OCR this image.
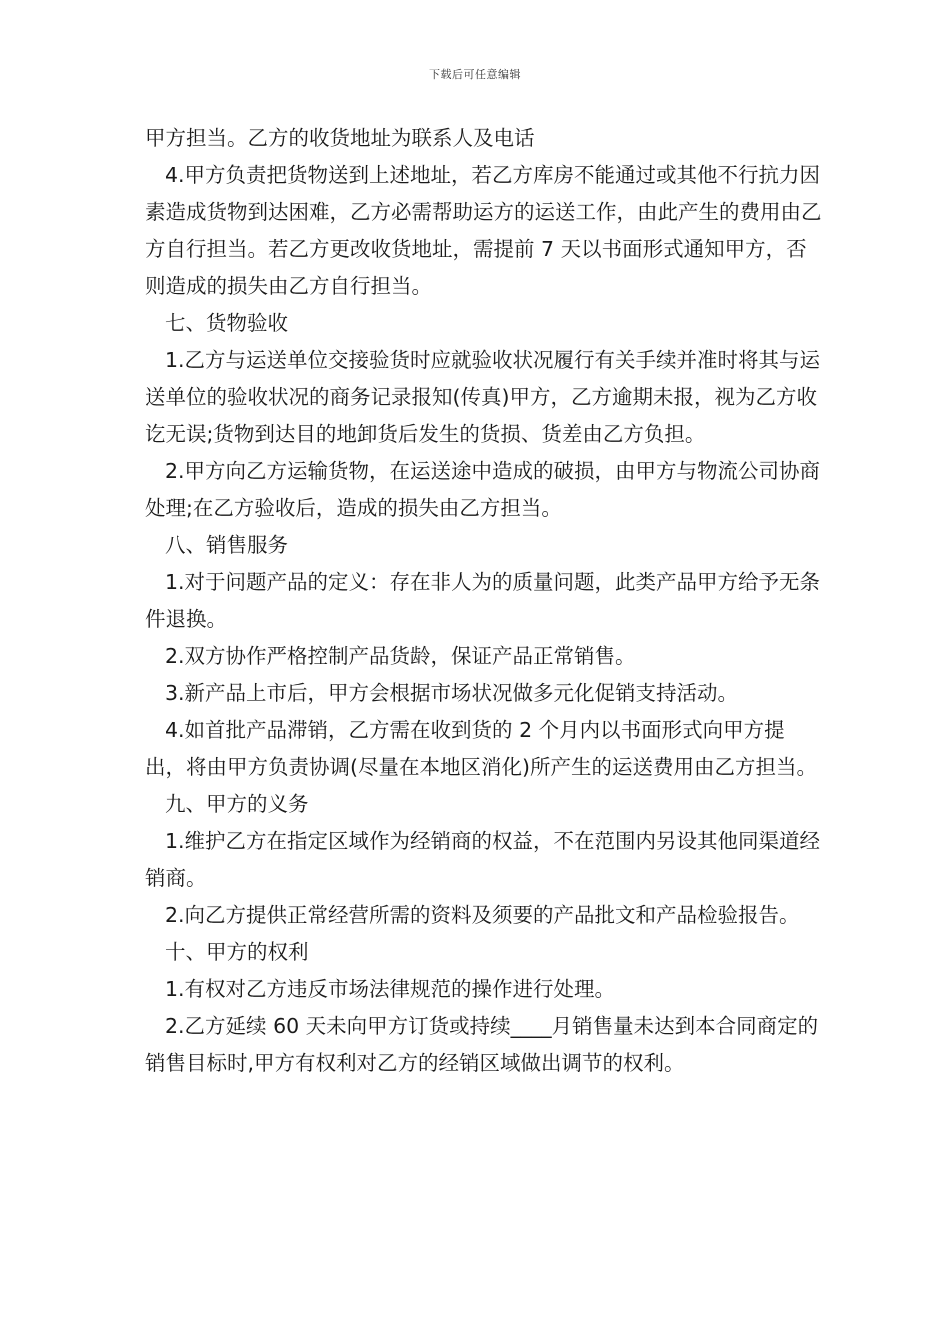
下载后可任意编辑

甲方担当。乙方的收货地址为联系人及电话

4.甲方负责把货物送到上述地址，若乙方库房不能通过或其他不行抗力因素造成货物到达困难，乙方必需帮助运方的运送工作，由此产生的费用由乙方自行担当。若乙方更改收货地址，需提前 7 天以书面形式通知甲方，否则造成的损失由乙方自行担当。

七、货物验收

1.乙方与运送单位交接验货时应就验收状况履行有关手续并准时将其与运送单位的验收状况的商务记录报知(传真)甲方，乙方逾期未报，视为乙方收讫无误;货物到达目的地卸货后发生的货损、货差由乙方负担。

2.甲方向乙方运输货物，在运送途中造成的破损，由甲方与物流公司协商处理;在乙方验收后，造成的损失由乙方担当。

八、销售服务

1.对于问题产品的定义：存在非人为的质量问题，此类产品甲方给予无条件退换。

2.双方协作严格控制产品货龄，保证产品正常销售。

3.新产品上市后，甲方会根据市场状况做多元化促销支持活动。

4.如首批产品滞销，乙方需在收到货的 2 个月内以书面形式向甲方提出，将由甲方负责协调(尽量在本地区消化)所产生的运送费用由乙方担当。

九、甲方的义务

1.维护乙方在指定区域作为经销商的权益，不在范围内另设其他同渠道经销商。

2.向乙方提供正常经营所需的资料及须要的产品批文和产品检验报告。

十、甲方的权利

1.有权对乙方违反市场法律规范的操作进行处理。

2.乙方延续 60 天未向甲方订货或持续____月销售量未达到本合同商定的销售目标时,甲方有权利对乙方的经销区域做出调节的权利。
